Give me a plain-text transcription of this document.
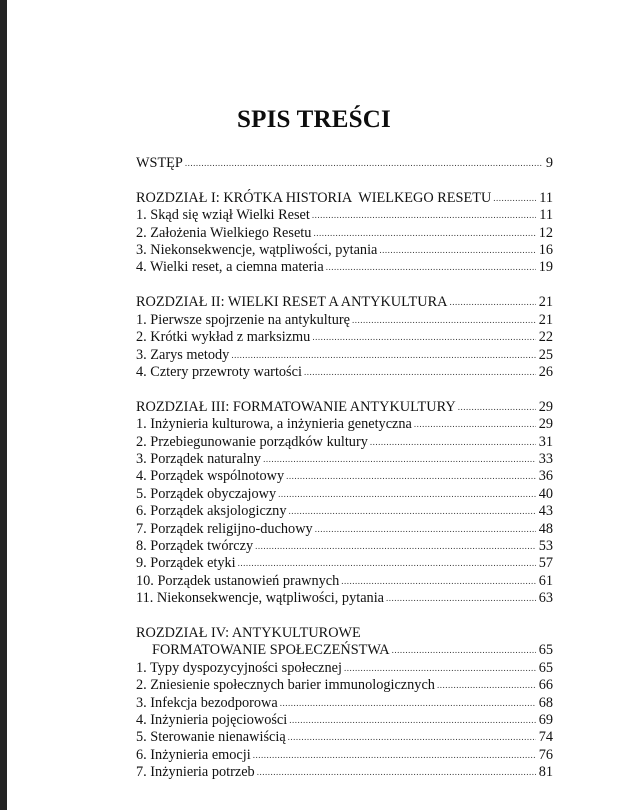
SPIS TREŚCI
WSTĘP .....	9
ROZDZIAŁ I: KRÓTKA HISTORIA  WIELKEGO RESETU .....	11
1. Skąd się wziął Wielki Reset .....	11
2. Założenia Wielkiego Resetu .....	12
3. Niekonsekwencje, wątpliwości, pytania .....	16
4. Wielki reset, a ciemna materia .....	19
ROZDZIAŁ II: WIELKI RESET A ANTYKULTURA .....	21
1. Pierwsze spojrzenie na antykulturę .....	21
2. Krótki wykład z marksizmu .....	22
3. Zarys metody .....	25
4. Cztery przewroty wartości .....	26
ROZDZIAŁ III: FORMATOWANIE ANTYKULTURY .....	29
1. Inżynieria kulturowa, a inżynieria genetyczna .....	29
2. Przebiegunowanie porządków kultury .....	31
3. Porządek naturalny .....	33
4. Porządek wspólnotowy .....	36
5. Porządek obyczajowy .....	40
6. Porządek aksjologiczny .....	43
7. Porządek religijno-duchowy .....	48
8. Porządek twórczy .....	53
9. Porządek etyki .....	57
10. Porządek ustanowień prawnych .....	61
11. Niekonsekwencje, wątpliwości, pytania .....	63
ROZDZIAŁ IV: ANTYKULTUROWE
FORMATOWANIE SPOŁECZEŃSTWA .....	65
1. Typy dyspozycyjności społecznej .....	65
2. Zniesienie społecznych barier immunologicznych .....	66
3. Infekcja bezodporowa .....	68
4. Inżynieria pojęciowości .....	69
5. Sterowanie nienawiścią .....	74
6. Inżynieria emocji .....	76
7. Inżynieria potrzeb .....	81
